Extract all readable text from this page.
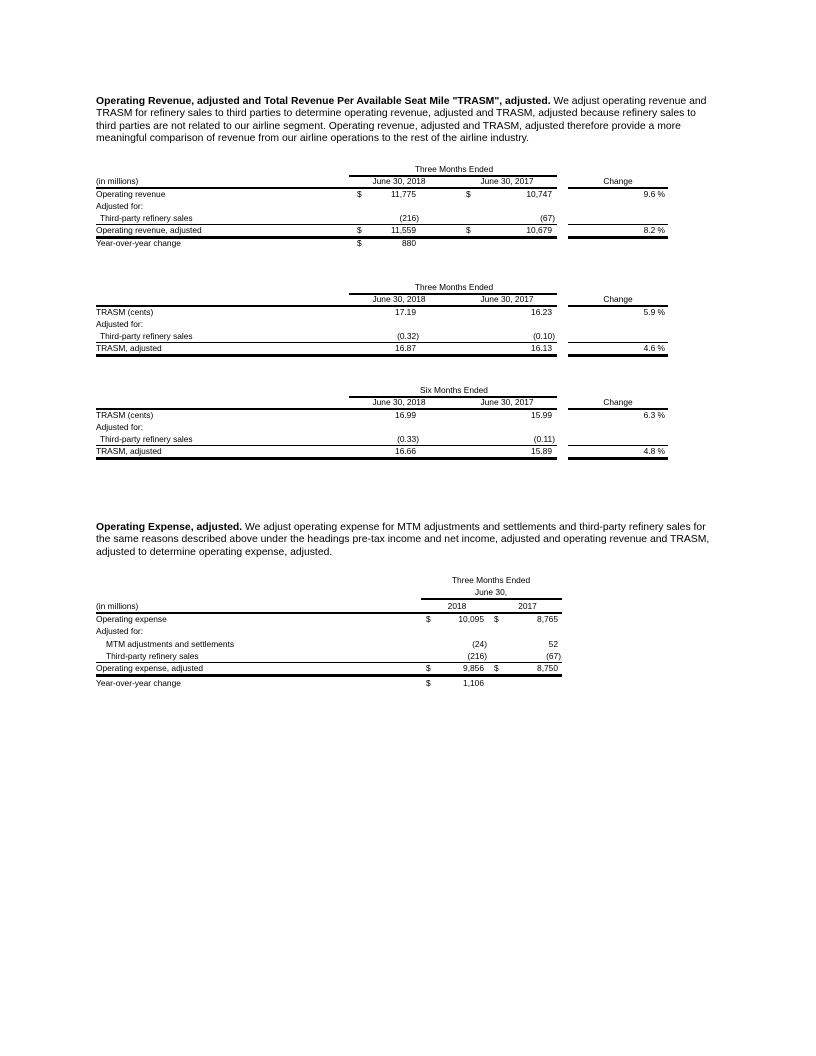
Operating Revenue, adjusted and Total Revenue Per Available Seat Mile "TRASM", adjusted. We adjust operating revenue and TRASM for refinery sales to third parties to determine operating revenue, adjusted and TRASM, adjusted because refinery sales to third parties are not related to our airline segment. Operating revenue, adjusted and TRASM, adjusted therefore provide a more meaningful comparison of revenue from our airline operations to the rest of the airline industry.
Three Months Ended
(in millions)	June 30, 2018	June 30, 2017	Change
Operating revenue	$	11,775	$	10,747	9.6 %
Adjusted for:
Third-party refinery sales	(216)	(67)
Operating revenue, adjusted	$	11,559	$	10,679	8.2 %
Year-over-year change	$	880
Three Months Ended
June 30, 2018	June 30, 2017	Change
TRASM (cents)	17.19	16.23	5.9 %
Adjusted for:
Third-party refinery sales	(0.32)	(0.10)
TRASM, adjusted	16.87	16.13	4.6 %
Six Months Ended
June 30, 2018	June 30, 2017	Change
TRASM (cents)	16.99	15.99	6.3 %
Adjusted for:
Third-party refinery sales	(0.33)	(0.11)
TRASM, adjusted	16.66	15.89	4.8 %
Operating Expense, adjusted. We adjust operating expense for MTM adjustments and settlements and third-party refinery sales for the same reasons described above under the headings pre-tax income and net income, adjusted and operating revenue and TRASM, adjusted to determine operating expense, adjusted.
Three Months Ended
June 30,
(in millions)	2018	2017
Operating expense	$	10,095 $	8,765
Adjusted for:
MTM adjustments and settlements	(24)	52
Third-party refinery sales	(216)	(67)
Operating expense, adjusted	$	9,856 $	8,750
Year-over-year change	$	1,106
